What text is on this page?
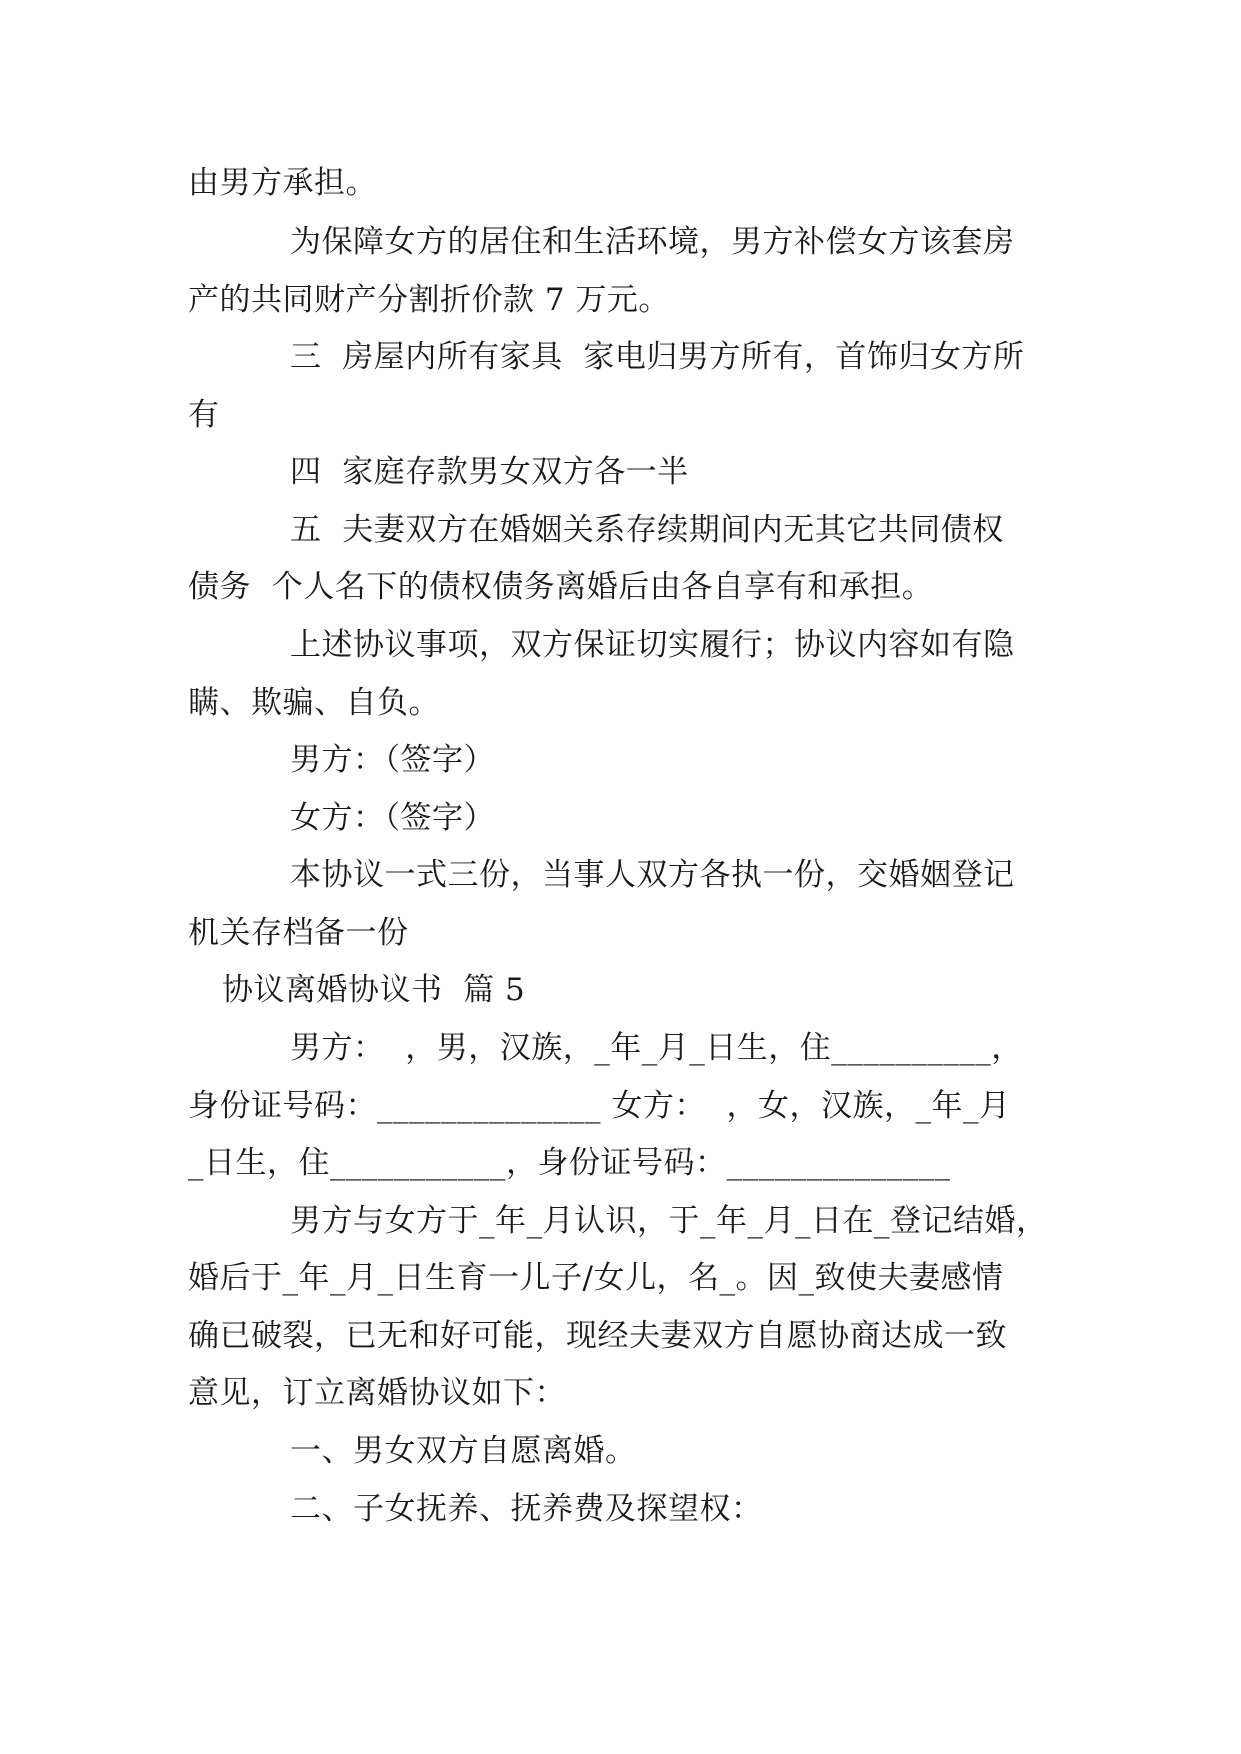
由男方承担。
为保障女方的居住和生活环境，男方补偿女方该套房
产的共同财产分割折价款 7 万元。
三  房屋内所有家具  家电归男方所有，首饰归女方所
有
四  家庭存款男女双方各一半
五  夫妻双方在婚姻关系存续期间内无其它共同债权
债务  个人名下的债权债务离婚后由各自享有和承担。
上述协议事项，双方保证切实履行；协议内容如有隐
瞒、欺骗、自负。
男方：（签字）
女方：（签字）
本协议一式三份，当事人双方各执一份，交婚姻登记
机关存档备一份
协议离婚协议书  篇 5
男方：  ，男，汉族，_年_月_日生，住__________，
身份证号码：______________ 女方：  ，女，汉族，_年_月
_日生，住___________，身份证号码：______________
男方与女方于_年_月认识，于_年_月_日在_登记结婚，
婚后于_年_月_日生育一儿子/女儿，名_。因_致使夫妻感情
确已破裂，已无和好可能，现经夫妻双方自愿协商达成一致
意见，订立离婚协议如下：
一、男女双方自愿离婚。
二、子女抚养、抚养费及探望权：
